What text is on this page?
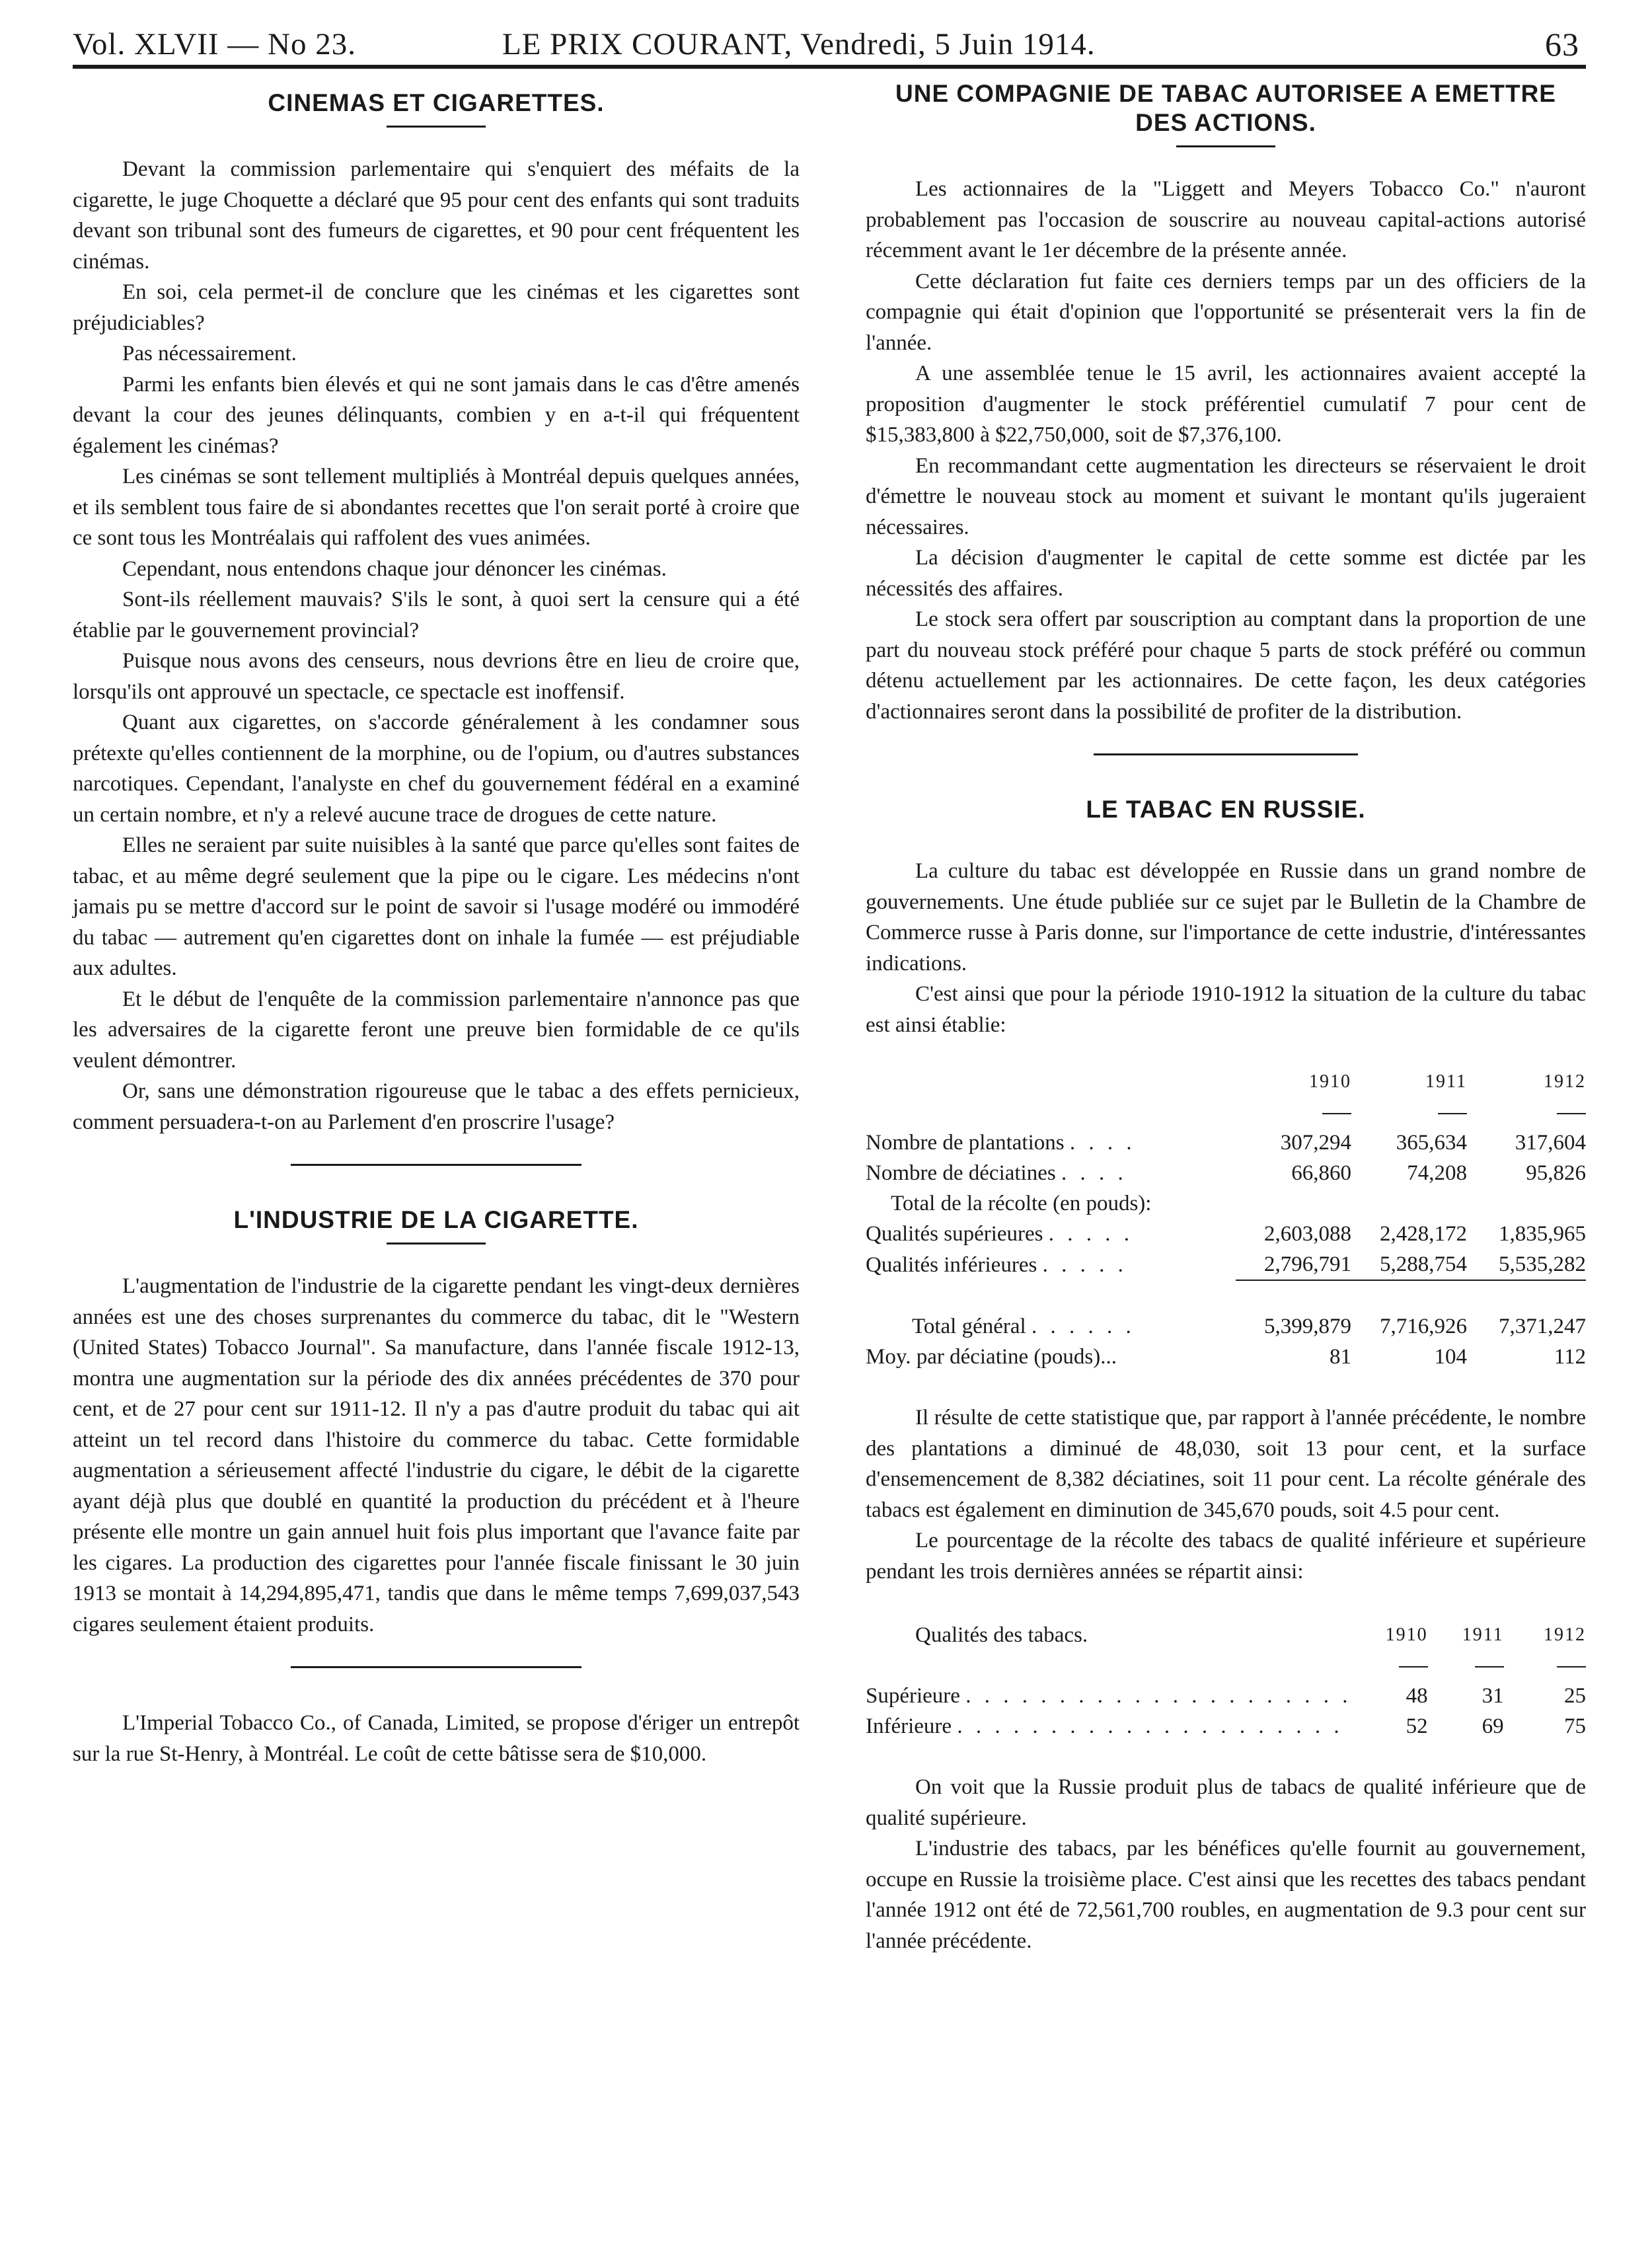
Vol. XLVII — No 23.	LE PRIX COURANT, Vendredi, 5 Juin 1914.	63
CINEMAS ET CIGARETTES.

Devant la commission parlementaire qui s'enquiert des méfaits de la cigarette, le juge Choquette a déclaré que 95 pour cent des enfants qui sont traduits devant son tribunal sont des fumeurs de cigarettes, et 90 pour cent fréquentent les cinémas.

En soi, cela permet-il de conclure que les cinémas et les cigarettes sont préjudiciables?

Pas nécessairement.

Parmi les enfants bien élevés et qui ne sont jamais dans le cas d'être amenés devant la cour des jeunes délinquants, combien y en a-t-il qui fréquentent également les cinémas?

Les cinémas se sont tellement multipliés à Montréal depuis quelques années, et ils semblent tous faire de si abondantes recettes que l'on serait porté à croire que ce sont tous les Montréalais qui raffolent des vues animées.

Cependant, nous entendons chaque jour dénoncer les cinémas.

Sont-ils réellement mauvais? S'ils le sont, à quoi sert la censure qui a été établie par le gouvernement provincial?

Puisque nous avons des censeurs, nous devrions être en lieu de croire que, lorsqu'ils ont approuvé un spectacle, ce spectacle est inoffensif.

Quant aux cigarettes, on s'accorde généralement à les condamner sous prétexte qu'elles contiennent de la morphine, ou de l'opium, ou d'autres substances narcotiques. Cependant, l'analyste en chef du gouvernement fédéral en a examiné un certain nombre, et n'y a relevé aucune trace de drogues de cette nature.

Elles ne seraient par suite nuisibles à la santé que parce qu'elles sont faites de tabac, et au même degré seulement que la pipe ou le cigare. Les médecins n'ont jamais pu se mettre d'accord sur le point de savoir si l'usage modéré ou immodéré du tabac — autrement qu'en cigarettes dont on inhale la fumée — est préjudiable aux adultes.

Et le début de l'enquête de la commission parlementaire n'annonce pas que les adversaires de la cigarette feront une preuve bien formidable de ce qu'ils veulent démontrer.

Or, sans une démonstration rigoureuse que le tabac a des effets pernicieux, comment persuadera-t-on au Parlement d'en proscrire l'usage?

L'INDUSTRIE DE LA CIGARETTE.

L'augmentation de l'industrie de la cigarette pendant les vingt-deux dernières années est une des choses surprenantes du commerce du tabac, dit le "Western (United States) Tobacco Journal". Sa manufacture, dans l'année fiscale 1912-13, montra une augmentation sur la période des dix années précédentes de 370 pour cent, et de 27 pour cent sur 1911-12. Il n'y a pas d'autre produit du tabac qui ait atteint un tel record dans l'histoire du commerce du tabac. Cette formidable augmentation a sérieusement affecté l'industrie du cigare, le débit de la cigarette ayant déjà plus que doublé en quantité la production du précédent et à l'heure présente elle montre un gain annuel huit fois plus important que l'avance faite par les cigares. La production des cigarettes pour l'année fiscale finissant le 30 juin 1913 se montait à 14,294,895,471, tandis que dans le même temps 7,699,037,543 cigares seulement étaient produits.

L'Imperial Tobacco Co., of Canada, Limited, se propose d'ériger un entrepôt sur la rue St-Henry, à Montréal. Le coût de cette bâtisse sera de $10,000.

UNE COMPAGNIE DE TABAC AUTORISEE A EMETTRE DES ACTIONS.

Les actionnaires de la "Liggett and Meyers Tobacco Co." n'auront probablement pas l'occasion de souscrire au nouveau capital-actions autorisé récemment avant le 1er décembre de la présente année.

Cette déclaration fut faite ces derniers temps par un des officiers de la compagnie qui était d'opinion que l'opportunité se présenterait vers la fin de l'année.

A une assemblée tenue le 15 avril, les actionnaires avaient accepté la proposition d'augmenter le stock préférentiel cumulatif 7 pour cent de $15,383,800 à $22,750,000, soit de $7,376,100.

En recommandant cette augmentation les directeurs se réservaient le droit d'émettre le nouveau stock au moment et suivant le montant qu'ils jugeraient nécessaires.

La décision d'augmenter le capital de cette somme est dictée par les nécessités des affaires.

Le stock sera offert par souscription au comptant dans la proportion de une part du nouveau stock préféré pour chaque 5 parts de stock préféré ou commun détenu actuellement par les actionnaires. De cette façon, les deux catégories d'actionnaires seront dans la possibilité de profiter de la distribution.

LE TABAC EN RUSSIE.

La culture du tabac est développée en Russie dans un grand nombre de gouvernements. Une étude publiée sur ce sujet par le Bulletin de la Chambre de Commerce russe à Paris donne, sur l'importance de cette industrie, d'intéressantes indications.

C'est ainsi que pour la période 1910-1912 la situation de la culture du tabac est ainsi établie:

	1910	1911	1912

Nombre de plantations . . . .	307,294	365,634	317,604
Nombre de déciatines . . . .	66,860	74,208	95,826
Total de la récolte (en pouds):			
Qualités supérieures . . . . .	2,603,088	2,428,172	1,835,965
Qualités inférieures . . . . .	2,796,791	5,288,754	5,535,282

Total général . . . . . .	5,399,879	7,716,926	7,371,247
Moy. par déciatine (pouds)...	81	104	112

Il résulte de cette statistique que, par rapport à l'année précédente, le nombre des plantations a diminué de 48,030, soit 13 pour cent, et la surface d'ensemencement de 8,382 déciatines, soit 11 pour cent. La récolte générale des tabacs est également en diminution de 345,670 pouds, soit 4.5 pour cent.

Le pourcentage de la récolte des tabacs de qualité inférieure et supérieure pendant les trois dernières années se répartit ainsi:

Qualités des tabacs.	1910	1911	1912

Supérieure . . . . . . . . . . . . . . . . . . . . .	48	31	25
Inférieure . . . . . . . . . . . . . . . . . . . . .	52	69	75

On voit que la Russie produit plus de tabacs de qualité inférieure que de qualité supérieure.

L'industrie des tabacs, par les bénéfices qu'elle fournit au gouvernement, occupe en Russie la troisième place. C'est ainsi que les recettes des tabacs pendant l'année 1912 ont été de 72,561,700 roubles, en augmentation de 9.3 pour cent sur l'année précédente.
